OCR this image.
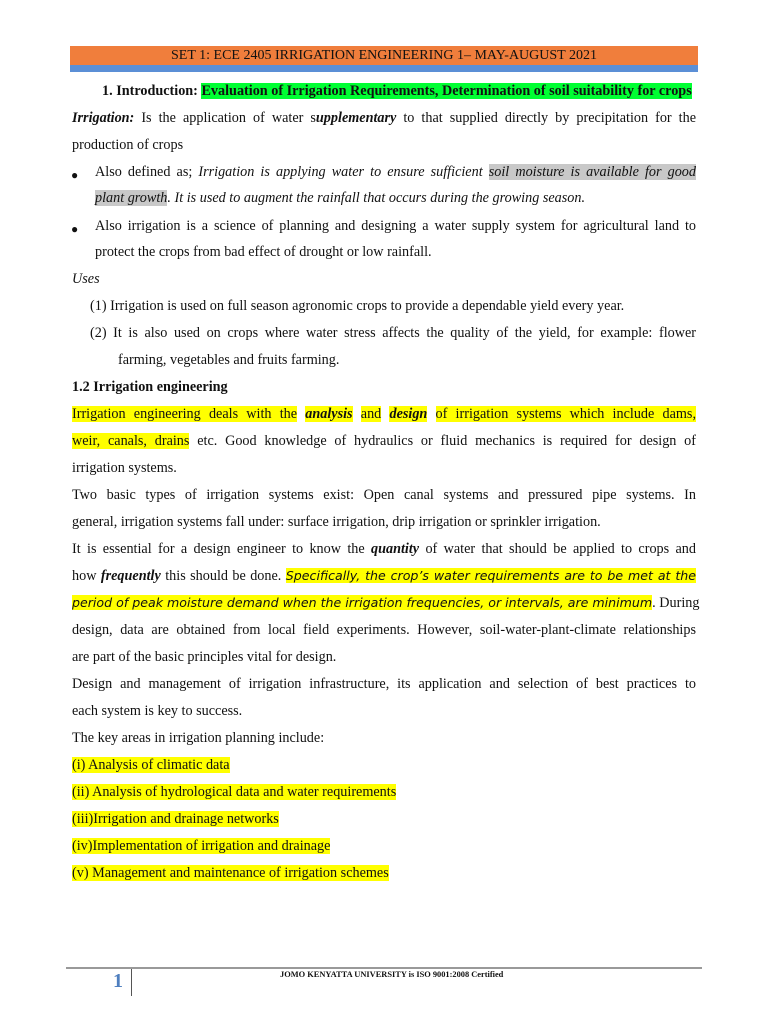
SET 1: ECE 2405 IRRIGATION ENGINEERING 1– MAY-AUGUST 2021
1. Introduction: Evaluation of Irrigation Requirements, Determination of soil suitability for crops
Irrigation: Is the application of water supplementary to that supplied directly by precipitation for the
production of crops
● Also defined as; Irrigation is applying water to ensure sufficient soil moisture is available for good
plant growth. It is used to augment the rainfall that occurs during the growing season.
● Also irrigation is a science of planning and designing a water supply system for agricultural land to
protect the crops from bad effect of drought or low rainfall.
Uses
(1) Irrigation is used on full season agronomic crops to provide a dependable yield every year.
(2) It is also used on crops where water stress affects the quality of the yield, for example: flower
farming, vegetables and fruits farming.
1.2 Irrigation engineering
Irrigation engineering deals with the analysis and design of irrigation systems which include dams,
weir, canals, drains etc. Good knowledge of hydraulics or fluid mechanics is required for design of
irrigation systems.
Two basic types of irrigation systems exist: Open canal systems and pressured pipe systems. In
general, irrigation systems fall under: surface irrigation, drip irrigation or sprinkler irrigation.
It is essential for a design engineer to know the quantity of water that should be applied to crops and
how frequently this should be done. Specifically, the crop’s water requirements are to be met at the
period of peak moisture demand when the irrigation frequencies, or intervals, are minimum. During
design, data are obtained from local field experiments. However, soil-water-plant-climate relationships
are part of the basic principles vital for design.
Design and management of irrigation infrastructure, its application and selection of best practices to
each system is key to success.
The key areas in irrigation planning include:
(i) Analysis of climatic data
(ii) Analysis of hydrological data and water requirements
(iii)Irrigation and drainage networks
(iv)Implementation of irrigation and drainage
(v) Management and maintenance of irrigation schemes
1	JOMO KENYATTA UNIVERSITY is ISO 9001:2008 Certified
